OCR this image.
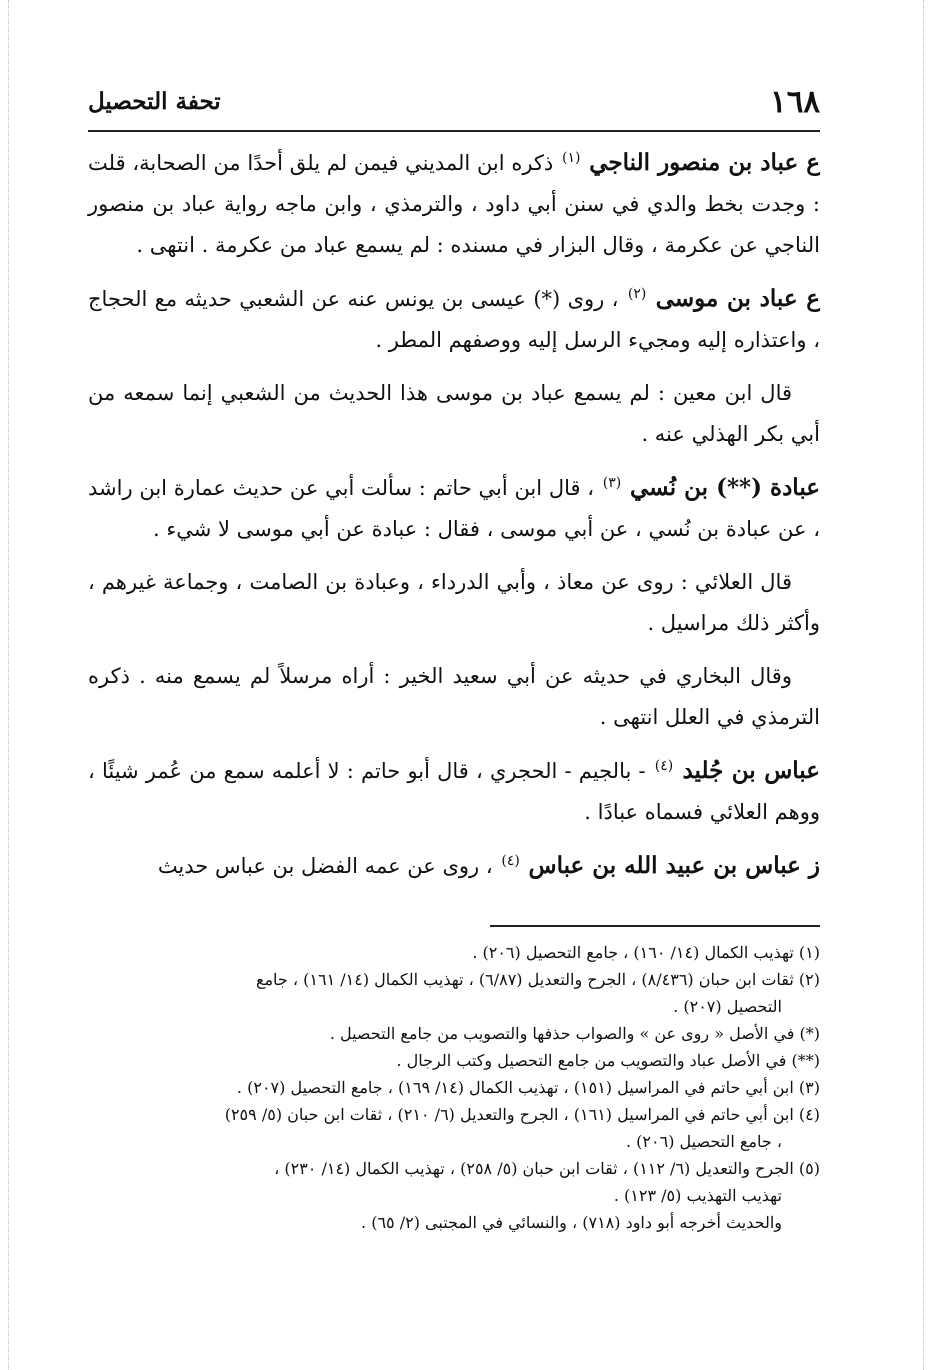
١٦٨
تحفة التحصيل

ع عباد بن منصور الناجي $^{(١)}$ ذكره ابن المديني فيمن لم يلق أحدًا من الصحابة، قلت : وجدت بخط والدي في سنن أبي داود ، والترمذي ، وابن ماجه رواية عباد بن منصور الناجي عن عكرمة ، وقال البزار في مسنده : لم يسمع عباد من عكرمة . انتهى .

ع عباد بن موسى $^{(٢)}$ ، روى (*) عيسى بن يونس عنه عن الشعبي حديثه مع الحجاج ، واعتذاره إليه ومجيء الرسل إليه ووصفهم المطر .

قال ابن معين : لم يسمع عباد بن موسى هذا الحديث من الشعبي إنما سمعه من أبي بكر الهذلي عنه .

عبادة (**) بن نُسي $^{(٣)}$ ، قال ابن أبي حاتم : سألت أبي عن حديث عمارة ابن راشد ، عن عبادة بن نُسي ، عن أبي موسى ، فقال : عبادة عن أبي موسى لا شيء .

قال العلائي : روى عن معاذ ، وأبي الدرداء ، وعبادة بن الصامت ، وجماعة غيرهم ، وأكثر ذلك مراسيل .

وقال البخاري في حديثه عن أبي سعيد الخير : أراه مرسلاً لم يسمع منه . ذكره الترمذي في العلل انتهى .

عباس بن جُليد $^{(٤)}$ - بالجيم - الحجري ، قال أبو حاتم : لا أعلمه سمع من عُمر شيئًا ، ووهم العلائي فسماه عبادًا .

ز عباس بن عبيد الله بن عباس $^{(٤)}$ ، روى عن عمه الفضل بن عباس حديث

(١) تهذيب الكمال (١٤/ ١٦٠) ، جامع التحصيل (٢٠٦) .
(٢) ثقات ابن حبان (٨/٤٣٦) ، الجرح والتعديل (٦/٨٧) ، تهذيب الكمال (١٤/ ١٦١) ، جامع
التحصيل (٢٠٧) .
(*) في الأصل « روى عن » والصواب حذفها والتصويب من جامع التحصيل .
(**) في الأصل عباد والتصويب من جامع التحصيل وكتب الرجال .
(٣) ابن أبي حاتم في المراسيل (١٥١) ، تهذيب الكمال (١٤/ ١٦٩) ، جامع التحصيل (٢٠٧) .
(٤) ابن أبي حاتم في المراسيل (١٦١) ، الجرح والتعديل (٦/ ٢١٠) ، ثقات ابن حبان (٥/ ٢٥٩)
، جامع التحصيل (٢٠٦) .
(٥) الجرح والتعديل (٦/ ١١٢) ، ثقات ابن حبان (٥/ ٢٥٨) ، تهذيب الكمال (١٤/ ٢٣٠) ،
تهذيب التهذيب (٥/ ١٢٣) .
والحديث أخرجه أبو داود (٧١٨) ، والنسائي في المجتبى (٢/ ٦٥) .
